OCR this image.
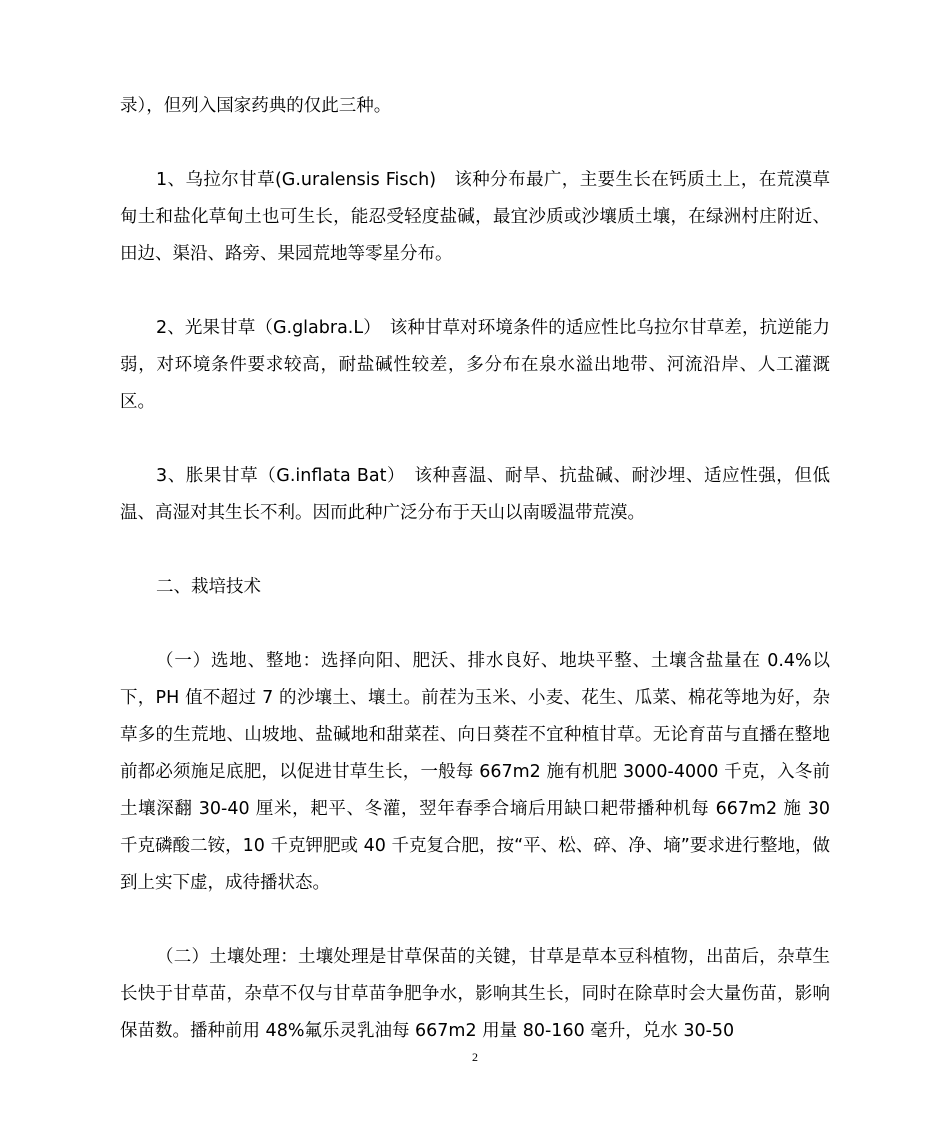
录），但列入国家药典的仅此三种。

1、乌拉尔甘草(G.uralensis Fisch)　该种分布最广，主要生长在钙质土上，在荒漠草甸土和盐化草甸土也可生长，能忍受轻度盐碱，最宜沙质或沙壤质土壤，在绿洲村庄附近、田边、渠沿、路旁、果园荒地等零星分布。

2、光果甘草（G.glabra.L）　该种甘草对环境条件的适应性比乌拉尔甘草差，抗逆能力弱，对环境条件要求较高，耐盐碱性较差，多分布在泉水溢出地带、河流沿岸、人工灌溉区。

3、胀果甘草（G.inflata Bat）　该种喜温、耐旱、抗盐碱、耐沙埋、适应性强，但低温、高湿对其生长不利。因而此种广泛分布于天山以南暖温带荒漠。

二、栽培技术

（一）选地、整地：选择向阳、肥沃、排水良好、地块平整、土壤含盐量在 0.4%以下，PH 值不超过 7 的沙壤土、壤土。前茬为玉米、小麦、花生、瓜菜、棉花等地为好，杂草多的生荒地、山坡地、盐碱地和甜菜茬、向日葵茬不宜种植甘草。无论育苗与直播在整地前都必须施足底肥，以促进甘草生长，一般每 667m2 施有机肥 3000-4000 千克，入冬前土壤深翻 30-40 厘米，耙平、冬灌，翌年春季合墒后用缺口耙带播种机每 667m2 施 30 千克磷酸二铵，10 千克钾肥或 40 千克复合肥，按“平、松、碎、净、墒”要求进行整地，做到上实下虚，成待播状态。

（二）土壤处理：土壤处理是甘草保苗的关键，甘草是草本豆科植物，出苗后，杂草生长快于甘草苗，杂草不仅与甘草苗争肥争水，影响其生长，同时在除草时会大量伤苗，影响保苗数。播种前用 48%氟乐灵乳油每 667m2 用量 80-160 毫升，兑水 30-50

2
